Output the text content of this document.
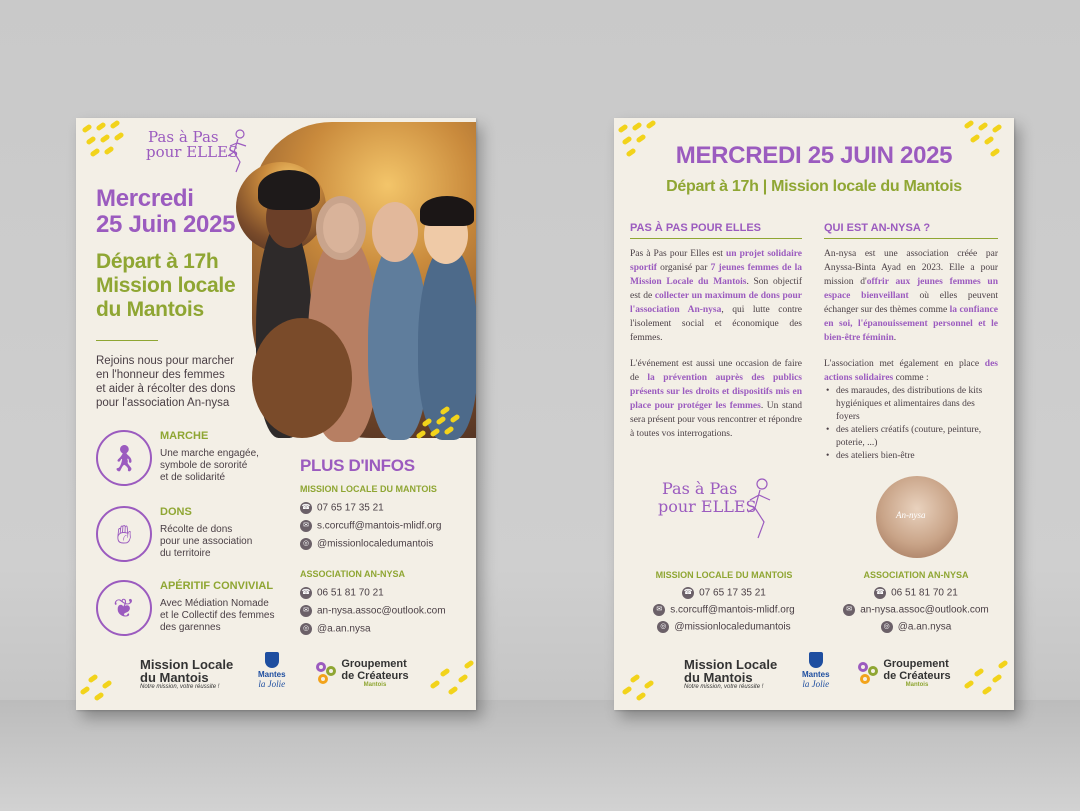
Pas à Pas
pour ELLES
Mercredi
25 Juin 2025
Départ à 17h
Mission locale
du Mantois
Rejoins nous pour marcher
en l'honneur des femmes
et aider à récolter des dons
pour l'association An-nysa
🚶︎
MARCHE
Une marche engagée,
symbole de sororité
et de solidarité
✋︎
DONS
Récolte de dons
pour une association
du territoire
❦
APÉRITIF CONVIVIAL
Avec Médiation Nomade
et le Collectif des femmes
des garennes
PLUS D'INFOS
MISSION LOCALE DU MANTOIS
☎ 07 65 17 35 21
✉ s.corcuff@mantois-mlidf.org
◎ @missionlocaledumantois
ASSOCIATION AN-NYSA
☎ 06 51 81 70 21
✉ an-nysa.assoc@outlook.com
◎ @a.an.nysa
Mission Locale
du Mantois
Notre mission, votre réussite !
Mantes
la Jolie

Groupement
de Créateurs
Mantois
MERCREDI 25 JUIN 2025
Départ à 17h | Mission locale du Mantois
PAS À PAS POUR ELLES

Pas à Pas pour Elles est un projet solidaire sportif organisé par 7 jeunes femmes de la Mission Locale du Mantois. Son objectif est de collecter un maximum de dons pour l'association An-nysa, qui lutte contre l'isolement social et économique des femmes.

L'événement est aussi une occasion de faire de la prévention auprès des publics présents sur les droits et dispositifs mis en place pour protéger les femmes. Un stand sera présent pour vous rencontrer et répondre à toutes vos interrogations.

QUI EST AN-NYSA ?

An-nysa est une association créée par Anyssa-Binta Ayad en 2023. Elle a pour mission d'offrir aux jeunes femmes un espace bienveillant où elles peuvent échanger sur des thèmes comme la confiance en soi, l'épanouissement personnel et le bien-être féminin.

L'association met également en place des actions solidaires comme :

• des maraudes, des distributions de kits hygiéniques et alimentaires dans des foyers
• des ateliers créatifs (couture, peinture, poterie, ...)
• des ateliers bien-être
Pas à Pas
pour ELLES	An-nysa
MISSION LOCALE DU MANTOIS
☎ 07 65 17 35 21
✉ s.corcuff@mantois-mlidf.org
◎ @missionlocaledumantois
ASSOCIATION AN-NYSA
☎ 06 51 81 70 21
✉ an-nysa.assoc@outlook.com
◎ @a.an.nysa
Mission Locale
du Mantois
Notre mission, votre réussite !
Mantes
la Jolie

Groupement
de Créateurs
Mantois
